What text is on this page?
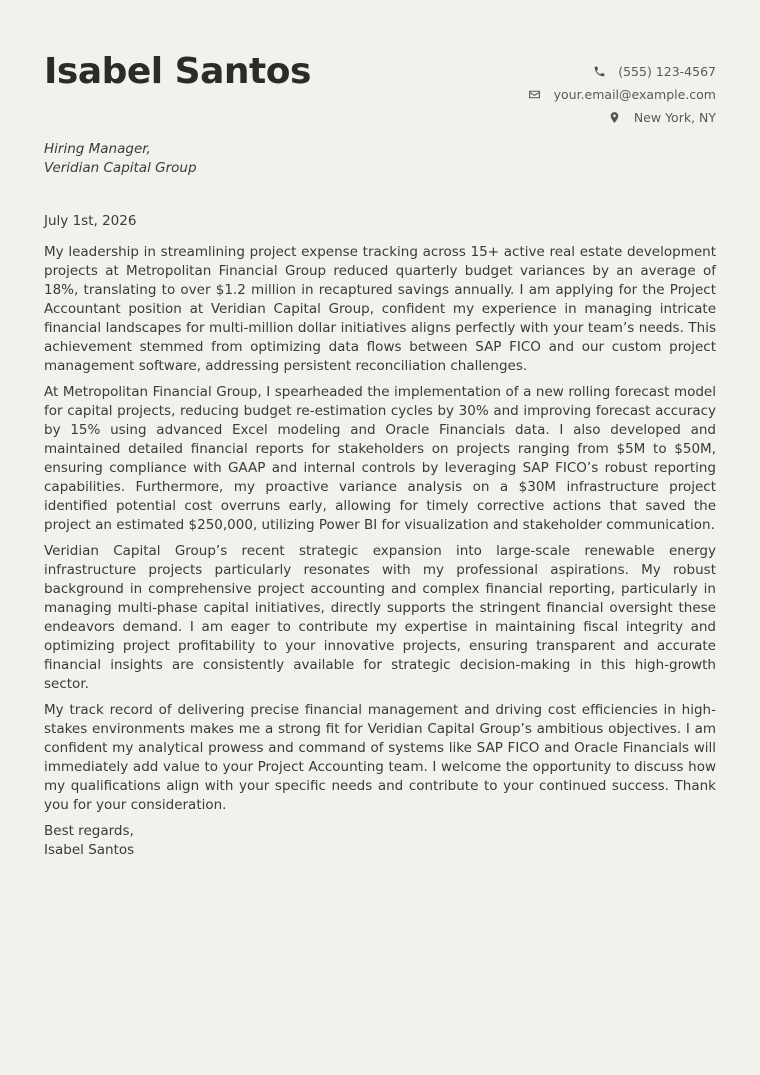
Isabel Santos	(555) 123-4567
your.email@example.com
New York, NY
Hiring Manager,
Veridian Capital Group
July 1st, 2026

My leadership in streamlining project expense tracking across 15+ active real estate development projects at Metropolitan Financial Group reduced quarterly budget variances by an average of 18%, translating to over $1.2 million in recaptured savings annually. I am applying for the Project Accountant position at Veridian Capital Group, confident my experience in managing intricate financial landscapes for multi-million dollar initiatives aligns perfectly with your team’s needs. This achievement stemmed from optimizing data flows between SAP FICO and our custom project management software, addressing persistent reconciliation challenges.

At Metropolitan Financial Group, I spearheaded the implementation of a new rolling forecast model for capital projects, reducing budget re-estimation cycles by 30% and improving forecast accuracy by 15% using advanced Excel modeling and Oracle Financials data. I also developed and maintained detailed financial reports for stakeholders on projects ranging from $5M to $50M, ensuring compliance with GAAP and internal controls by leveraging SAP FICO’s robust reporting capabilities. Furthermore, my proactive variance analysis on a $30M infrastructure project identified potential cost overruns early, allowing for timely corrective actions that saved the project an estimated $250,000, utilizing Power BI for visualization and stakeholder communication.

Veridian Capital Group’s recent strategic expansion into large-scale renewable energy infrastructure projects particularly resonates with my professional aspirations. My robust background in comprehensive project accounting and complex financial reporting, particularly in managing multi-phase capital initiatives, directly supports the stringent financial oversight these endeavors demand. I am eager to contribute my expertise in maintaining fiscal integrity and optimizing project profitability to your innovative projects, ensuring transparent and accurate financial insights are consistently available for strategic decision-making in this high-growth sector.

My track record of delivering precise financial management and driving cost efficiencies in high-stakes environments makes me a strong fit for Veridian Capital Group’s ambitious objectives. I am confident my analytical prowess and command of systems like SAP FICO and Oracle Financials will immediately add value to your Project Accounting team. I welcome the opportunity to discuss how my qualifications align with your specific needs and contribute to your continued success. Thank you for your consideration.

Best regards,
Isabel Santos
